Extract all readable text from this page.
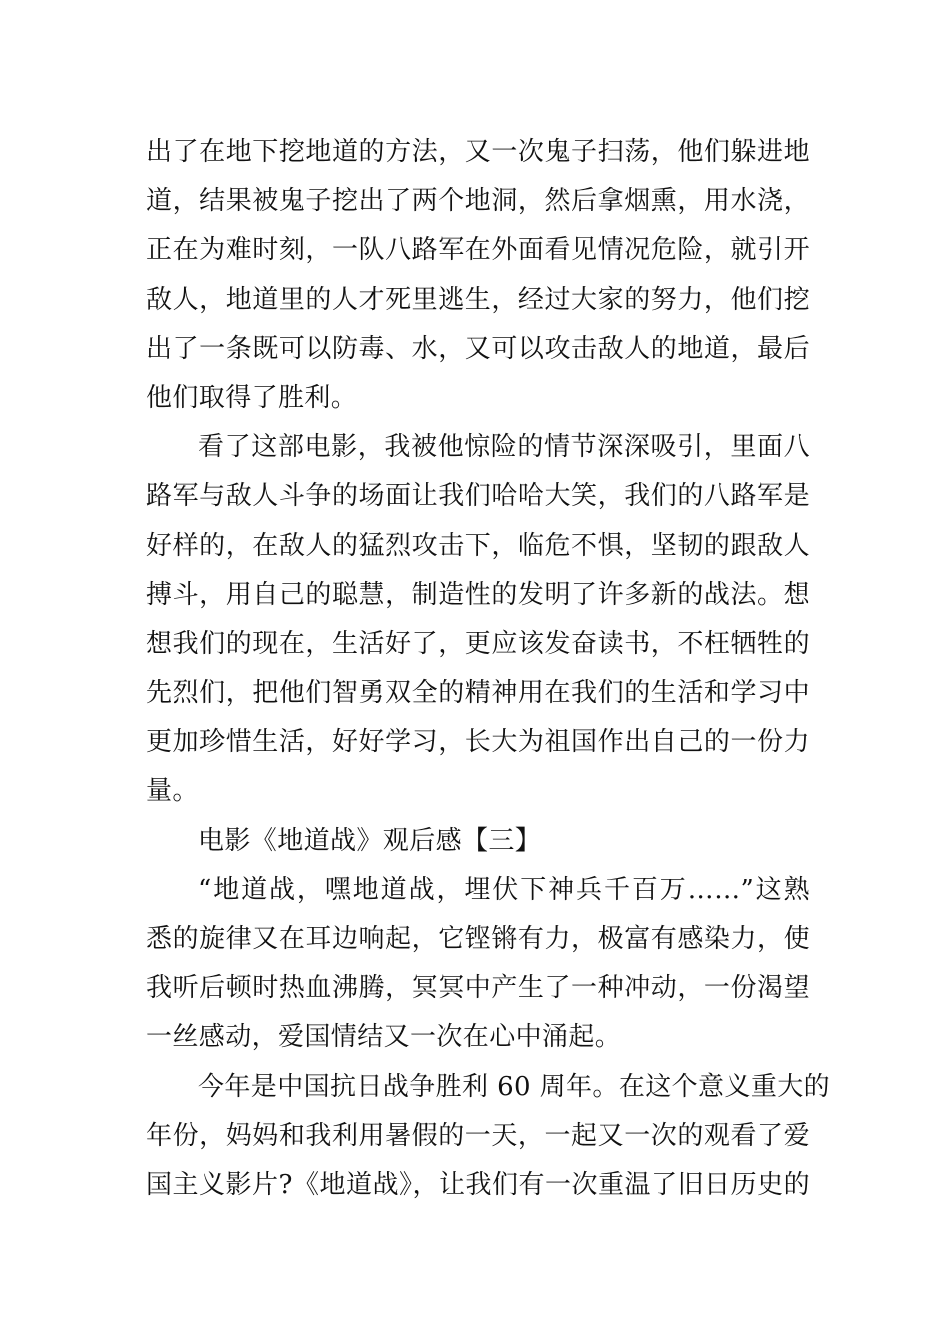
出了在地下挖地道的方法，又一次鬼子扫荡，他们躲进地
道，结果被鬼子挖出了两个地洞，然后拿烟熏，用水浇，
正在为难时刻，一队八路军在外面看见情况危险，就引开
敌人，地道里的人才死里逃生，经过大家的努力，他们挖
出了一条既可以防毒、水，又可以攻击敌人的地道，最后
他们取得了胜利。
看了这部电影，我被他惊险的情节深深吸引，里面八
路军与敌人斗争的场面让我们哈哈大笑，我们的八路军是
好样的，在敌人的猛烈攻击下，临危不惧，坚韧的跟敌人
搏斗，用自己的聪慧，制造性的发明了许多新的战法。想
想我们的现在，生活好了，更应该发奋读书，不枉牺牲的
先烈们，把他们智勇双全的精神用在我们的生活和学习中
更加珍惜生活，好好学习，长大为祖国作出自己的一份力
量。
电影《地道战》观后感【三】
“地道战，嘿地道战，埋伏下神兵千百万……”这熟
悉的旋律又在耳边响起，它铿锵有力，极富有感染力，使
我听后顿时热血沸腾，冥冥中产生了一种冲动，一份渴望
一丝感动，爱国情结又一次在心中涌起。
今年是中国抗日战争胜利 60 周年。在这个意义重大的
年份，妈妈和我利用暑假的一天，一起又一次的观看了爱
国主义影片?《地道战》，让我们有一次重温了旧日历史的
